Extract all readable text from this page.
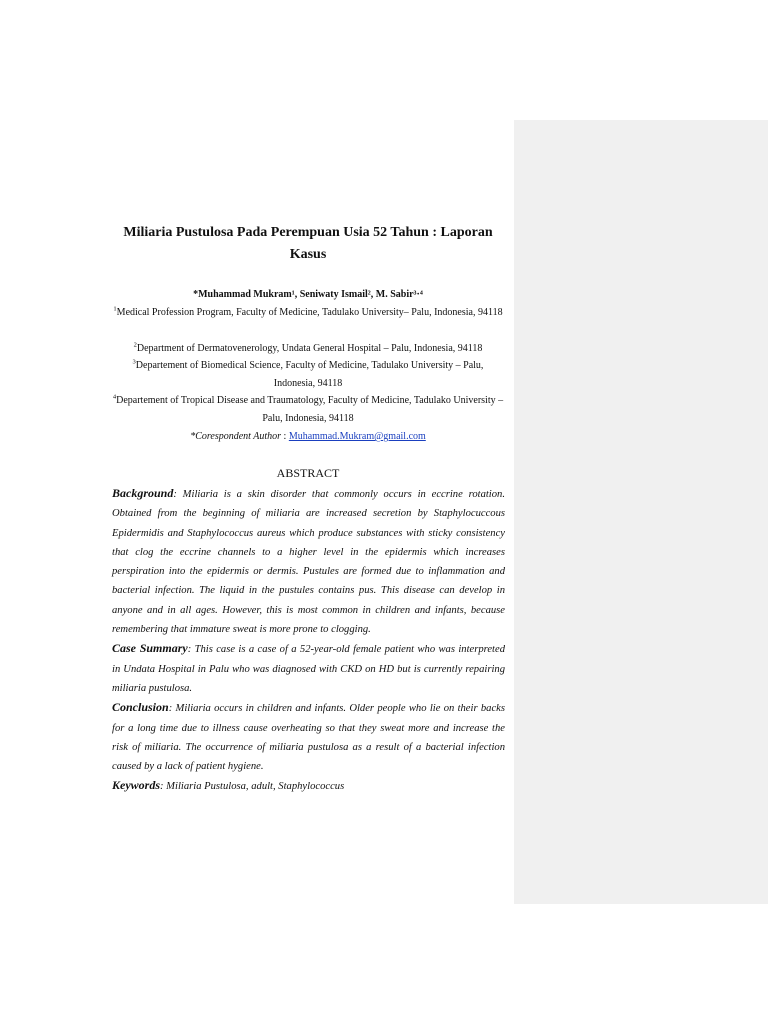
Miliaria Pustulosa Pada Perempuan Usia 52 Tahun : Laporan Kasus
*Muhammad Mukram¹, Seniwaty Ismail², M. Sabir³·⁴
$^1$Medical Profession Program, Faculty of Medicine, Tadulako University– Palu, Indonesia, 94118
$^2$Department of Dermatovenerology, Undata General Hospital – Palu, Indonesia, 94118
$^3$Departement of Biomedical Science, Faculty of Medicine, Tadulako University – Palu, Indonesia, 94118
$^4$Departement of Tropical Disease and Traumatology, Faculty of Medicine, Tadulako University – Palu, Indonesia, 94118
*Corespondent Author : Muhammad.Mukram@gmail.com
ABSTRACT

Background: Miliaria is a skin disorder that commonly occurs in eccrine rotation. Obtained from the beginning of miliaria are increased secretion by Staphylocuccous Epidermidis and Staphylococcus aureus which produce substances with sticky consistency that clog the eccrine channels to a higher level in the epidermis which increases perspiration into the epidermis or dermis. Pustules are formed due to inflammation and bacterial infection. The liquid in the pustules contains pus. This disease can develop in anyone and in all ages. However, this is most common in children and infants, because remembering that immature sweat is more prone to clogging.

Case Summary: This case is a case of a 52-year-old female patient who was interpreted in Undata Hospital in Palu who was diagnosed with CKD on HD but is currently repairing miliaria pustulosa.

Conclusion: Miliaria occurs in children and infants. Older people who lie on their backs for a long time due to illness cause overheating so that they sweat more and increase the risk of miliaria. The occurrence of miliaria pustulosa as a result of a bacterial infection caused by a lack of patient hygiene.

Keywords: Miliaria Pustulosa, adult, Staphylococcus
